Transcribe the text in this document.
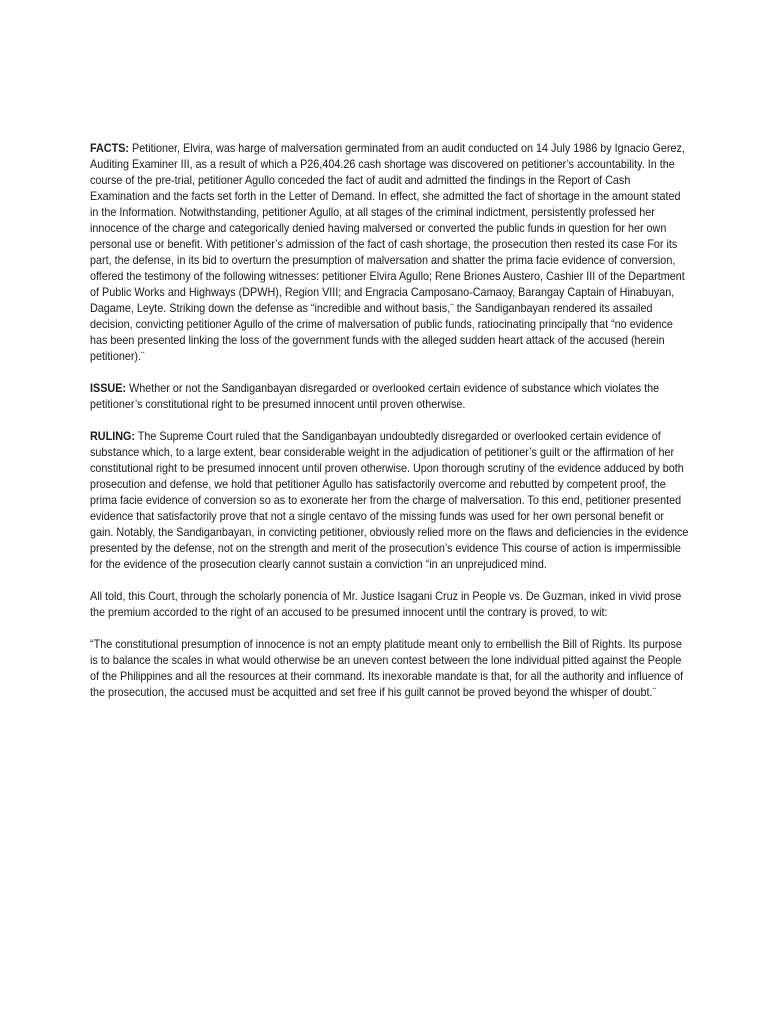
FACTS: Petitioner, Elvira, was harge of malversation germinated from an audit conducted on 14 July 1986 by Ignacio Gerez, Auditing Examiner III, as a result of which a P26,404.26 cash shortage was discovered on petitioner’s accountability. In the course of the pre-trial, petitioner Agullo conceded the fact of audit and admitted the findings in the Report of Cash Examination and the facts set forth in the Letter of Demand. In effect, she admitted the fact of shortage in the amount stated in the Information. Notwithstanding, petitioner Agullo, at all stages of the criminal indictment, persistently professed her innocence of the charge and categorically denied having malversed or converted the public funds in question for her own personal use or benefit. With petitioner’s admission of the fact of cash shortage, the prosecution then rested its case For its part, the defense, in its bid to overturn the presumption of malversation and shatter the prima facie evidence of conversion, offered the testimony of the following witnesses: petitioner Elvira Agullo; Rene Briones Austero, Cashier III of the Department of Public Works and Highways (DPWH), Region VIII; and Engracia Camposano-Camaoy, Barangay Captain of Hinabuyan, Dagame, Leyte. Striking down the defense as “incredible and without basis,¨ the Sandiganbayan rendered its assailed decision, convicting petitioner Agullo of the crime of malversation of public funds, ratiocinating principally that “no evidence has been presented linking the loss of the government funds with the alleged sudden heart attack of the accused (herein petitioner).¨

ISSUE: Whether or not the Sandiganbayan disregarded or overlooked certain evidence of substance which violates the petitioner’s constitutional right to be presumed innocent until proven otherwise.

RULING: The Supreme Court ruled that the Sandiganbayan undoubtedly disregarded or overlooked certain evidence of substance which, to a large extent, bear considerable weight in the adjudication of petitioner’s guilt or the affirmation of her constitutional right to be presumed innocent until proven otherwise. Upon thorough scrutiny of the evidence adduced by both prosecution and defense, we hold that petitioner Agullo has satisfactorily overcome and rebutted by competent proof, the prima facie evidence of conversion so as to exonerate her from the charge of malversation. To this end, petitioner presented evidence that satisfactorily prove that not a single centavo of the missing funds was used for her own personal benefit or gain. Notably, the Sandiganbayan, in convicting petitioner, obviously relied more on the flaws and deficiencies in the evidence presented by the defense, not on the strength and merit of the prosecution’s evidence This course of action is impermissible for the evidence of the prosecution clearly cannot sustain a conviction “in an unprejudiced mind.

All told, this Court, through the scholarly ponencia of Mr. Justice Isagani Cruz in People vs. De Guzman, inked in vivid prose the premium accorded to the right of an accused to be presumed innocent until the contrary is proved, to wit:

“The constitutional presumption of innocence is not an empty platitude meant only to embellish the Bill of Rights. Its purpose is to balance the scales in what would otherwise be an uneven contest between the lone individual pitted against the People of the Philippines and all the resources at their command. Its inexorable mandate is that, for all the authority and influence of the prosecution, the accused must be acquitted and set free if his guilt cannot be proved beyond the whisper of doubt.¨
